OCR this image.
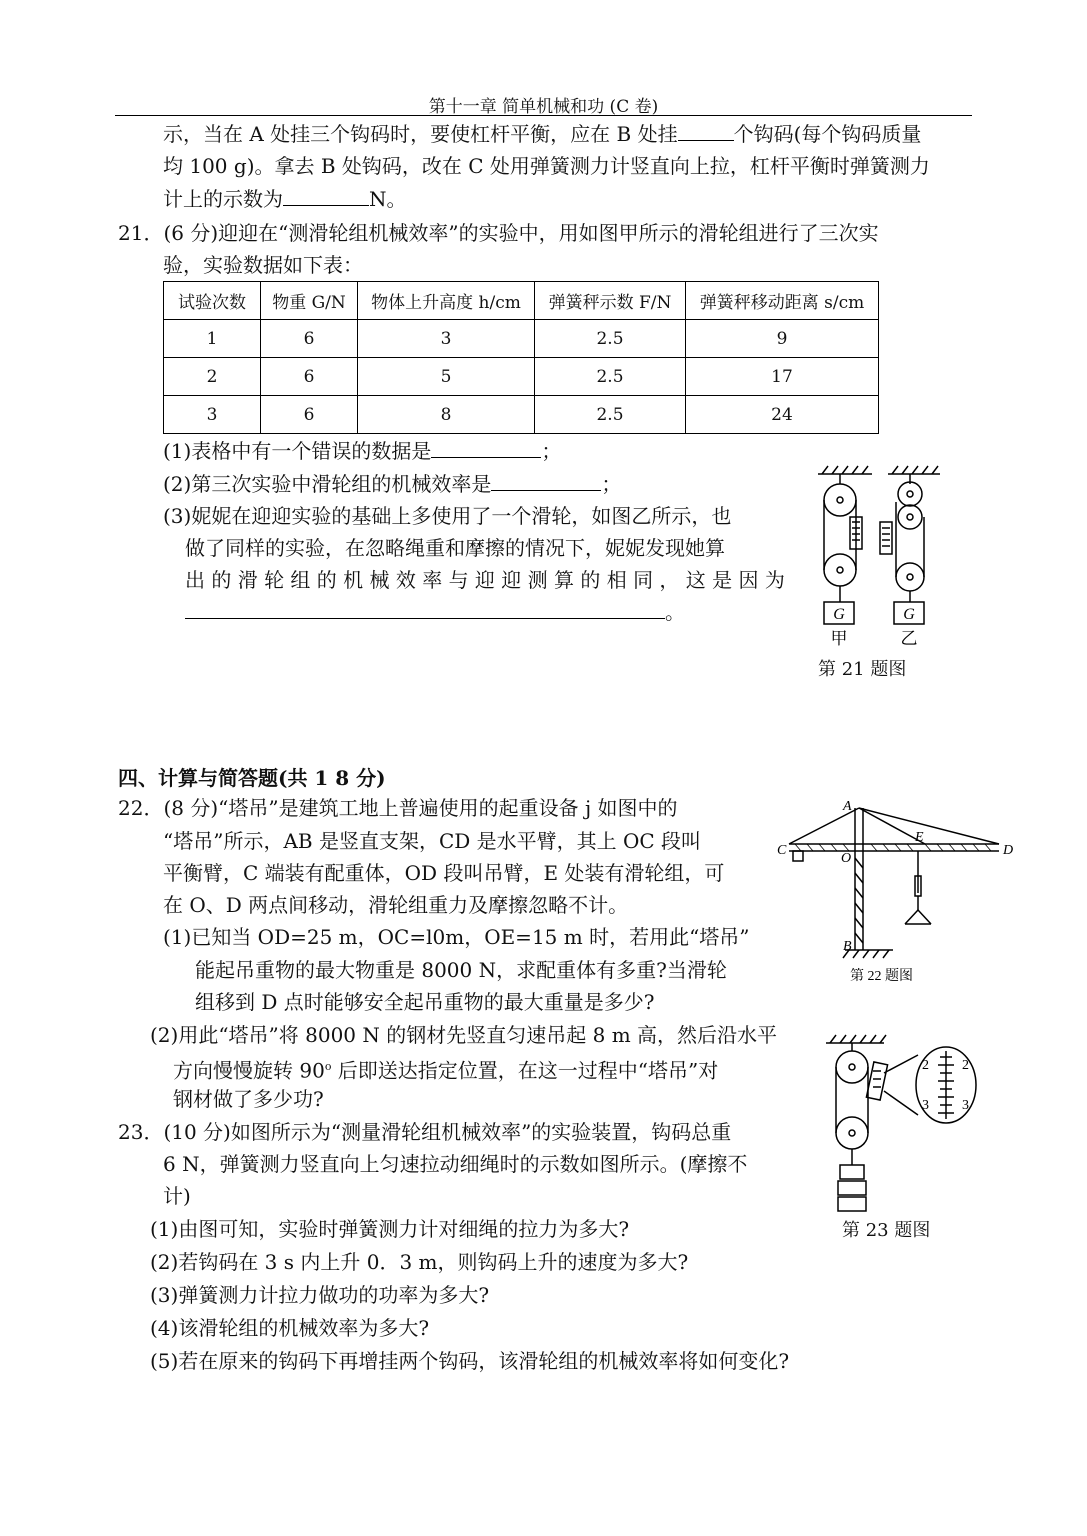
第十一章 简单机械和功 (C 卷)
示，当在 A 处挂三个钩码时，要使杠杆平衡，应在 B 处挂	个钩码(每个钩码质量
均 100 g)。拿去 B 处钩码，改在 C 处用弹簧测力计竖直向上拉，杠杆平衡时弹簧测力
计上的示数为	N。
21．(6 分)迎迎在“测滑轮组机械效率”的实验中，用如图甲所示的滑轮组进行了三次实
验，实验数据如下表：
试验次数	物重 G/N	物体上升高度 h/cm	弹簧秤示数 F/N	弹簧秤移动距离 s/cm
1	6	3	2.5	9
2	6	5	2.5	17
3	6	8	2.5	24
(1)表格中有一个错误的数据是	；
(2)第三次实验中滑轮组的机械效率是	；
(3)妮妮在迎迎实验的基础上多使用了一个滑轮，如图乙所示，也
做了同样的实验，在忽略绳重和摩擦的情况下，妮妮发现她算
出 的 滑 轮 组 的 机 械 效 率 与 迎 迎 测 算 的 相 同 ， 这 是 因 为
。	G	G
甲	乙
第 21 题图
四、计算与简答题(共 1 8 分)
22．(8 分)“塔吊”是建筑工地上普遍使用的起重设备 j 如图中的
“塔吊”所示，AB 是竖直支架，CD 是水平臂，其上 OC 段叫
平衡臂，C 端装有配重体，OD 段叫吊臂，E 处装有滑轮组，可
在 O、D 两点间移动，滑轮组重力及摩擦忽略不计。
(1)已知当 OD=25 m，OC=l0m，OE=15 m 时，若用此“塔吊”
能起吊重物的最大物重是 8000 N，求配重体有多重?当滑轮
组移到 D 点时能够安全起吊重物的最大重量是多少?
(2)用此“塔吊”将 8000 N 的钢材先竖直匀速吊起 8 m 高，然后沿水平
方向慢慢旋转 90$^o$ 后即送达指定位置，在这一过程中“塔吊”对
钢材做了多少功?
A
B
C	D
E
O
第 22 题图
23．(10 分)如图所示为“测量滑轮组机械效率”的实验装置，钩码总重
6 N，弹簧测力竖直向上匀速拉动细绳时的示数如图所示。(摩擦不
计)
(1)由图可知，实验时弹簧测力计对细绳的拉力为多大?
(2)若钩码在 3 s 内上升 0．3 m，则钩码上升的速度为多大?
(3)弹簧测力计拉力做功的功率为多大?
(4)该滑轮组的机械效率为多大?
(5)若在原来的钩码下再增挂两个钩码，该滑轮组的机械效率将如何变化?
2 2
3 3
第 23 题图
